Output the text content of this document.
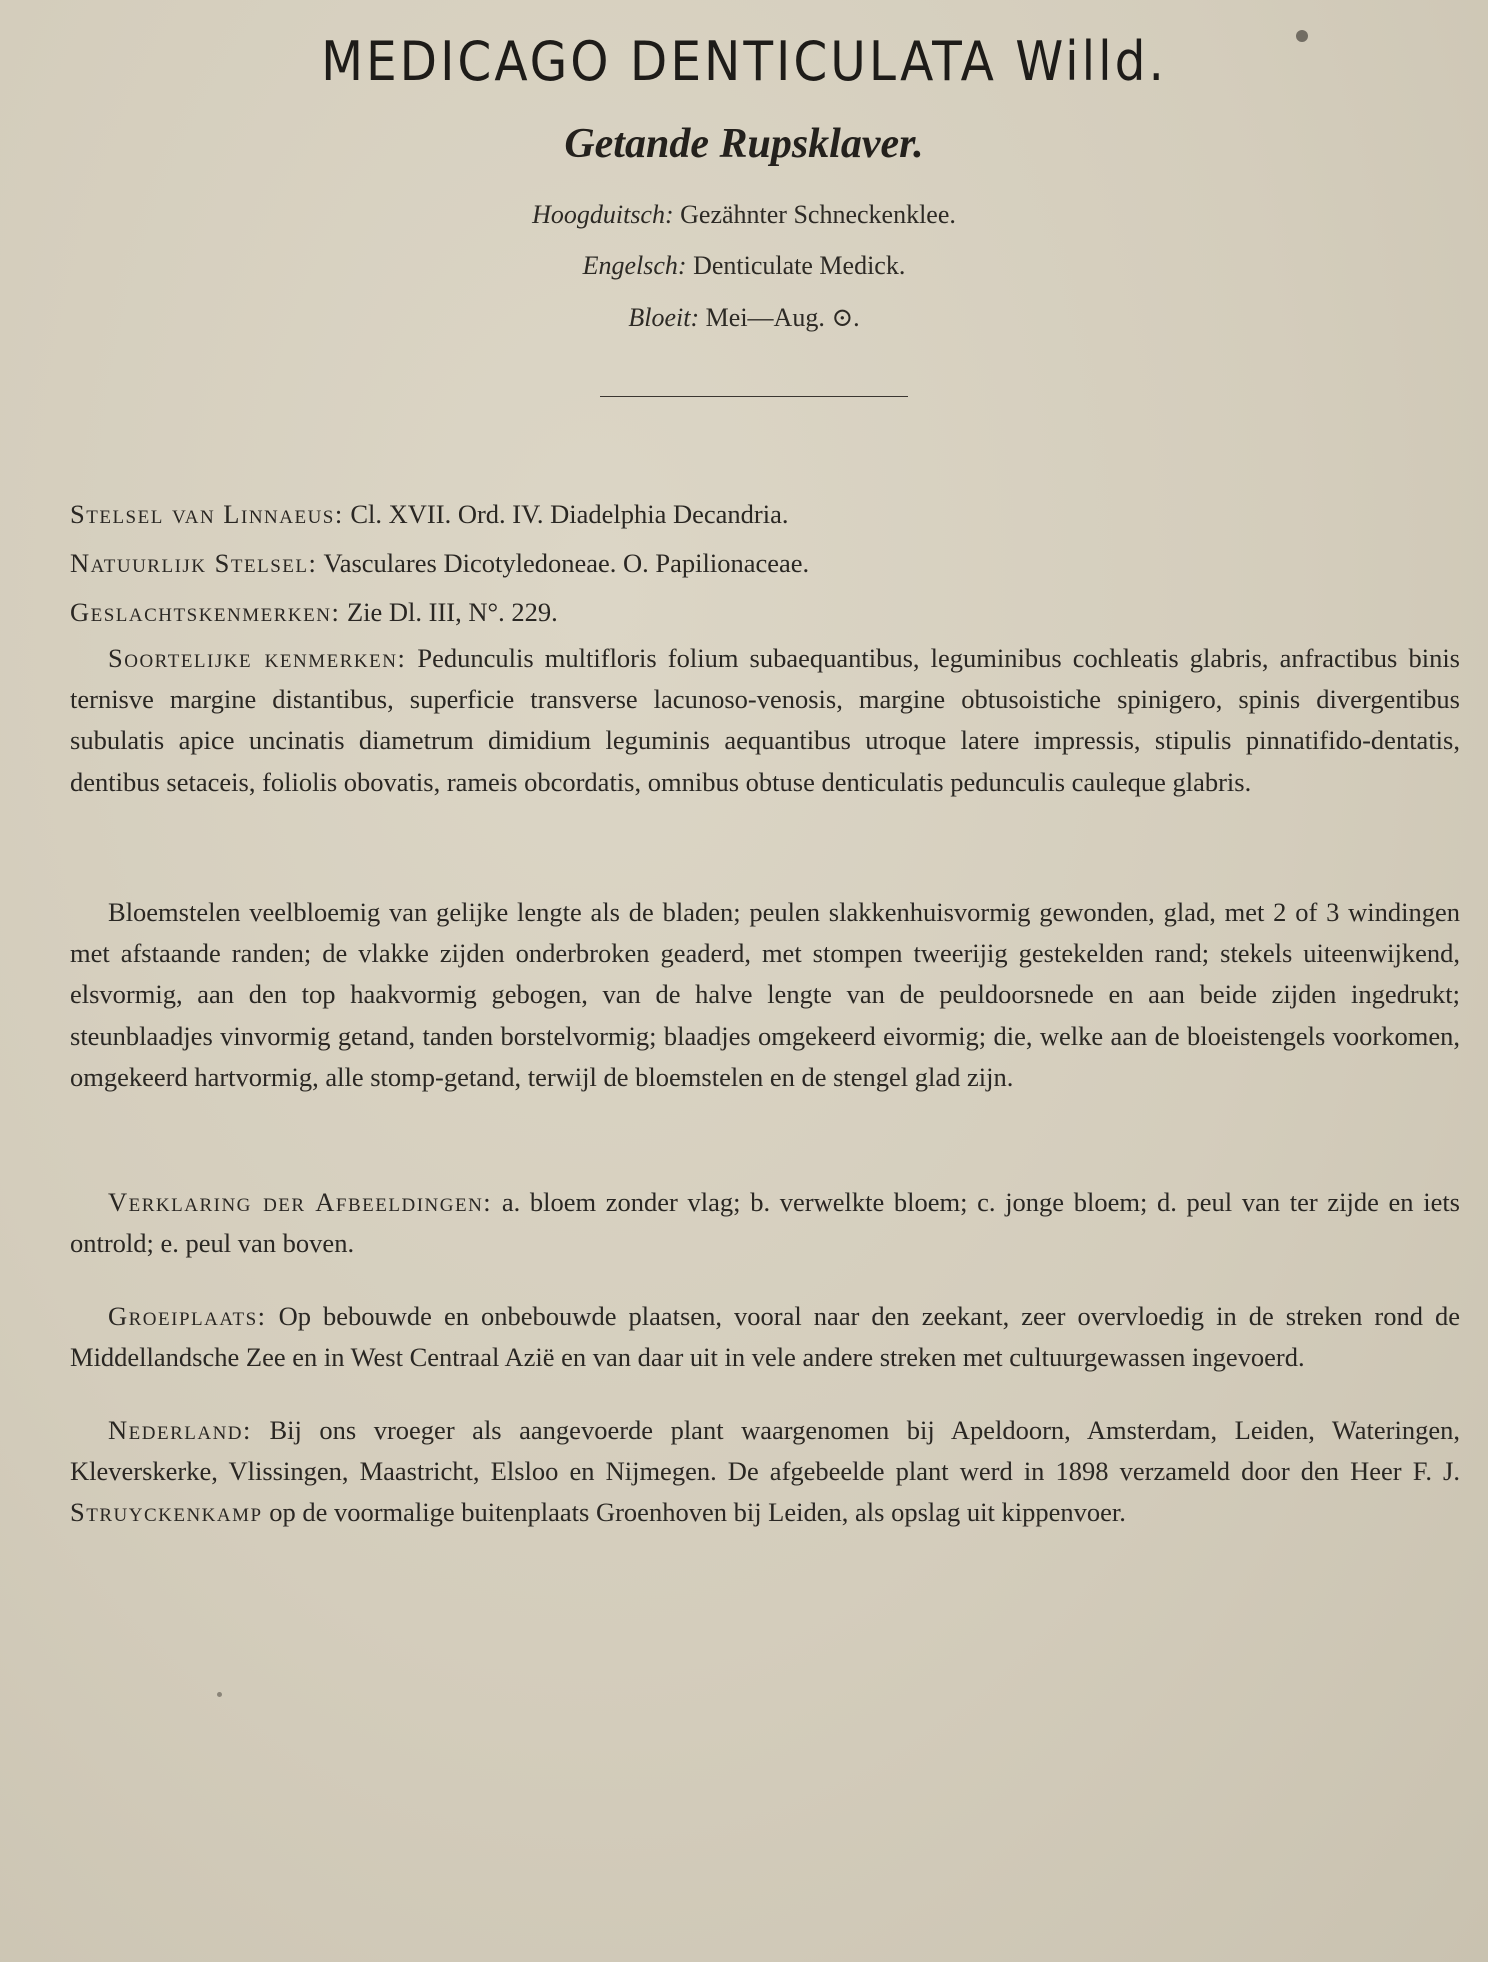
MEDICAGO DENTICULATA Willd.
Getande Rupsklaver.
Hoogduitsch: Gezähnter Schneckenklee.
Engelsch: Denticulate Medick.
Bloeit: Mei—Aug. ⊙.
Stelsel van Linnaeus: Cl. XVII. Ord. IV. Diadelphia Decandria.
Natuurlijk Stelsel: Vasculares Dicotyledoneae. O. Papilionaceae.
Geslachtskenmerken: Zie Dl. III, N°. 229.
Soortelijke kenmerken: Pedunculis multifloris folium subaequantibus, leguminibus cochleatis glabris, anfractibus binis ternisve margine distantibus, superficie transverse lacunoso-venosis, margine obtusoistiche spinigero, spinis divergentibus subulatis apice uncinatis diametrum dimidium leguminis aequantibus utroque latere impressis, stipulis pinnatifido-dentatis, dentibus setaceis, foliolis obovatis, rameis obcordatis, omnibus obtuse denticulatis pedunculis cauleque glabris.
Bloemstelen veelbloemig van gelijke lengte als de bladen; peulen slakkenhuisvormig gewonden, glad, met 2 of 3 windingen met afstaande randen; de vlakke zijden onderbroken geaderd, met stompen tweerijig gestekelden rand; stekels uiteenwijkend, elsvormig, aan den top haakvormig gebogen, van de halve lengte van de peuldoorsnede en aan beide zijden ingedrukt; steunblaadjes vinvormig getand, tanden borstelvormig; blaadjes omgekeerd eivormig; die, welke aan de bloeistengels voorkomen, omgekeerd hartvormig, alle stomp-getand, terwijl de bloemstelen en de stengel glad zijn.
Verklaring der Afbeeldingen: a. bloem zonder vlag; b. verwelkte bloem; c. jonge bloem; d. peul van ter zijde en iets ontrold; e. peul van boven.
Groeiplaats: Op bebouwde en onbebouwde plaatsen, vooral naar den zeekant, zeer overvloedig in de streken rond de Middellandsche Zee en in West Centraal Azië en van daar uit in vele andere streken met cultuurgewassen ingevoerd.
Nederland: Bij ons vroeger als aangevoerde plant waargenomen bij Apeldoorn, Amsterdam, Leiden, Wateringen, Kleverskerke, Vlissingen, Maastricht, Elsloo en Nijmegen. De afgebeelde plant werd in 1898 verzameld door den Heer F. J. Struyckenkamp op de voormalige buitenplaats Groenhoven bij Leiden, als opslag uit kippenvoer.
